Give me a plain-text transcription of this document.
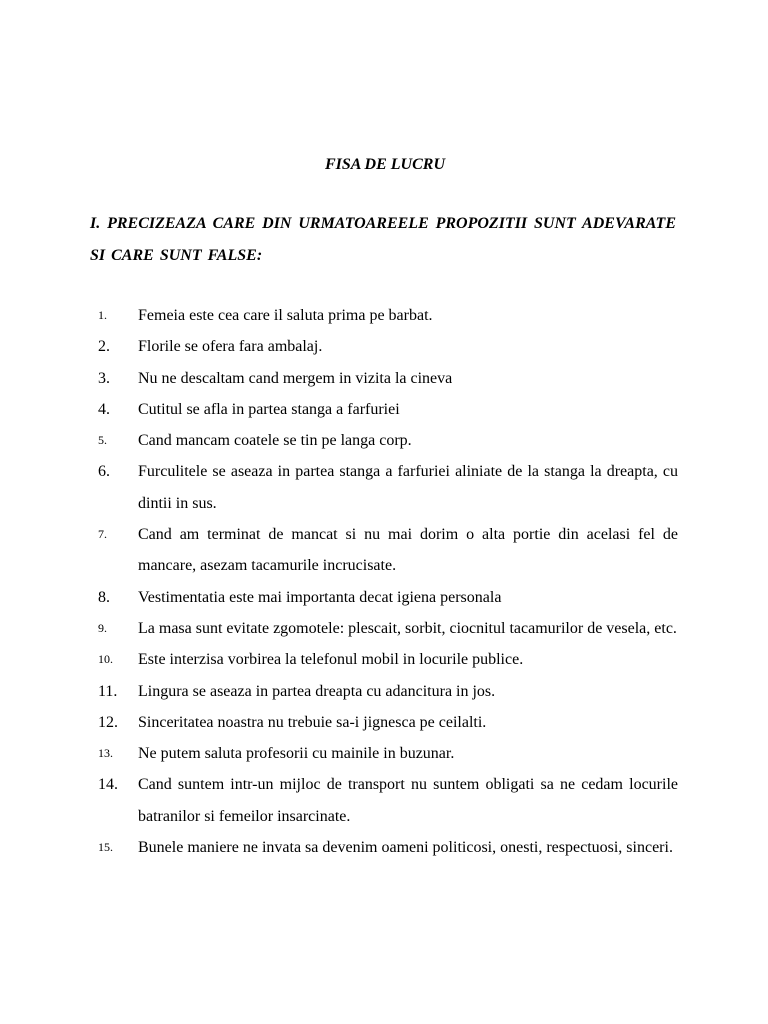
FISA DE LUCRU
I. PRECIZEAZA CARE DIN URMATOAREELE PROPOZITII SUNT ADEVARATE SI CARE SUNT FALSE:
1.	Femeia este cea care il saluta prima pe barbat.
2.	Florile se ofera fara ambalaj.
3.	Nu ne descaltam cand mergem in vizita la cineva
4.	Cutitul se afla in partea stanga a farfuriei
5.	Cand mancam coatele se tin pe langa corp.
6.	Furculitele se aseaza in partea stanga a farfuriei aliniate de la stanga la dreapta, cu dintii in sus.
7.	Cand am terminat de mancat si nu mai dorim o alta portie din acelasi fel de mancare, asezam tacamurile incrucisate.
8.	Vestimentatia este mai importanta decat igiena personala
9.	La masa sunt evitate zgomotele: plescait, sorbit, ciocnitul tacamurilor de vesela, etc.
10.	Este interzisa vorbirea la telefonul mobil in locurile publice.
11.	Lingura se aseaza in partea dreapta cu adancitura in jos.
12.	Sinceritatea noastra nu trebuie sa-i jignesca pe ceilalti.
13.	Ne putem saluta profesorii cu mainile in buzunar.
14.	Cand suntem intr-un mijloc de transport nu suntem obligati sa ne cedam locurile batranilor si femeilor insarcinate.
15.	Bunele maniere ne invata sa devenim oameni politicosi, onesti, respectuosi, sinceri.
